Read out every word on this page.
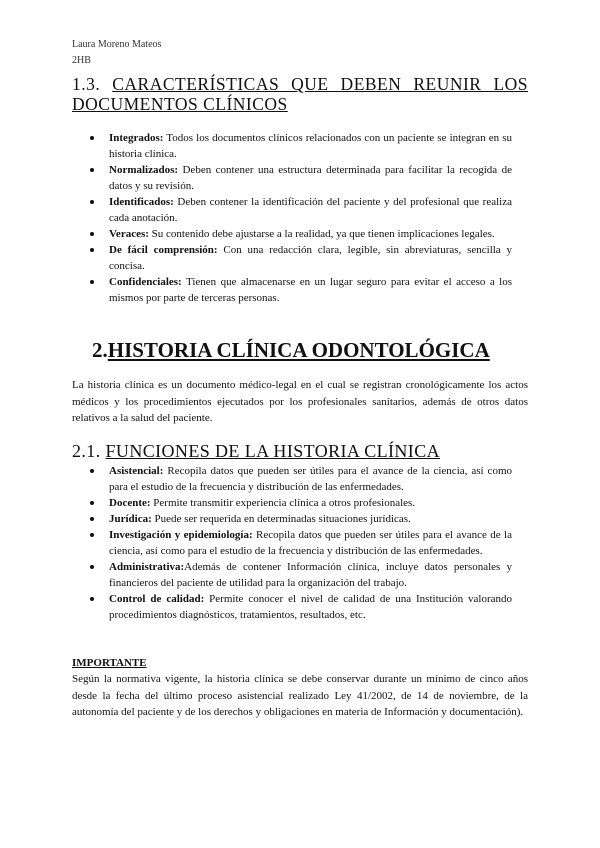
Laura Moreno Mateos
2HB
1.3. CARACTERÍSTICAS QUE DEBEN REUNIR LOS DOCUMENTOS CLÍNICOS
Integrados: Todos los documentos clínicos relacionados con un paciente se integran en su historia clínica.
Normalizados: Deben contener una estructura determinada para facilitar la recogida de datos y su revisión.
Identificados: Deben contener la identificación del paciente y del profesional que realiza cada anotación.
Veraces: Su contenido debe ajustarse a la realidad, ya que tienen implicaciones legales.
De fácil comprensión: Con una redacción clara, legible, sin abreviaturas, sencilla y concisa.
Confidenciales: Tienen que almacenarse en un lugar seguro para evitar el acceso a los mismos por parte de terceras personas.
2.HISTORIA CLÍNICA ODONTOLÓGICA

La historia clínica es un documento médico-legal en el cual se registran cronológicamente los actos médicos y los procedimientos ejecutados por los profesionales sanitarios, además de otros datos relativos a la salud del paciente.

2.1. FUNCIONES DE LA HISTORIA CLÍNICA
Asistencial: Recopila datos que pueden ser útiles para el avance de la ciencia, así como para el estudio de la frecuencia y distribución de las enfermedades.
Docente: Permite transmitir experiencia clínica a otros profesionales.
Jurídica: Puede ser requerida en determinadas situaciones jurídicas.
Investigación y epidemiología: Recopila datos que pueden ser útiles para el avance de la ciencia, así como para el estudio de la frecuencia y distribución de las enfermedades.
Administrativa:Además de contener Información clínica, incluye datos personales y financieros del paciente de utilidad para la organización del trabajo.
Control de calidad: Permite conocer el nivel de calidad de una Institución valorando procedimientos diagnósticos, tratamientos, resultados, etc.
IMPORTANTE

Según la normativa vigente, la historia clínica se debe conservar durante un mínimo de cinco años desde la fecha del último proceso asistencial realizado Ley 41/2002, de 14 de noviembre, de la autonomía del paciente y de los derechos y obligaciones en materia de Información y documentación).
